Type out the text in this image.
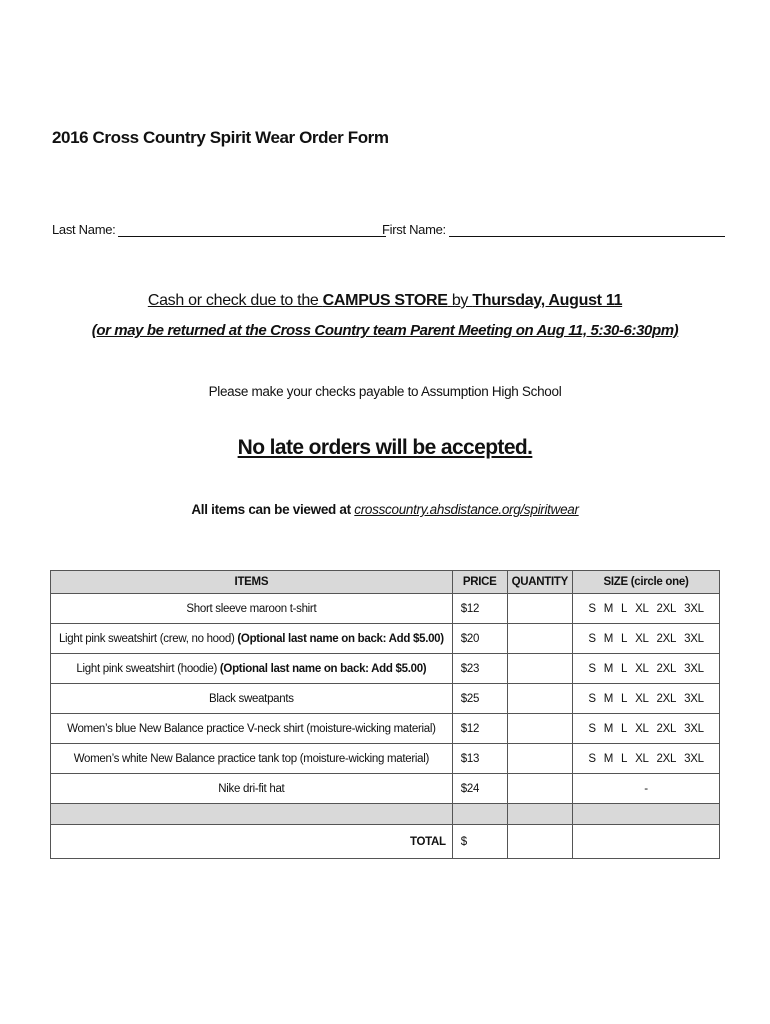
2016 Cross Country Spirit Wear Order Form
Last Name:	First Name:
Cash or check due to the CAMPUS STORE by Thursday, August 11
(or may be returned at the Cross Country team Parent Meeting on Aug 11, 5:30-6:30pm)
Please make your checks payable to Assumption High School
No late orders will be accepted.
All items can be viewed at crosscountry.ahsdistance.org/spiritwear
ITEMS	PRICE	QUANTITY	SIZE (circle one)
Short sleeve maroon t-shirt	$12		S M L XL 2XL 3XL
Light pink sweatshirt (crew, no hood) (Optional last name on back: Add $5.00)	$20		S M L XL 2XL 3XL
Light pink sweatshirt (hoodie) (Optional last name on back: Add $5.00)	$23		S M L XL 2XL 3XL
Black sweatpants	$25		S M L XL 2XL 3XL
Women’s blue New Balance practice V-neck shirt (moisture-wicking material)	$12		S M L XL 2XL 3XL
Women’s white New Balance practice tank top (moisture-wicking material)	$13		S M L XL 2XL 3XL
Nike dri-fit hat	$24		-

TOTAL	$		
